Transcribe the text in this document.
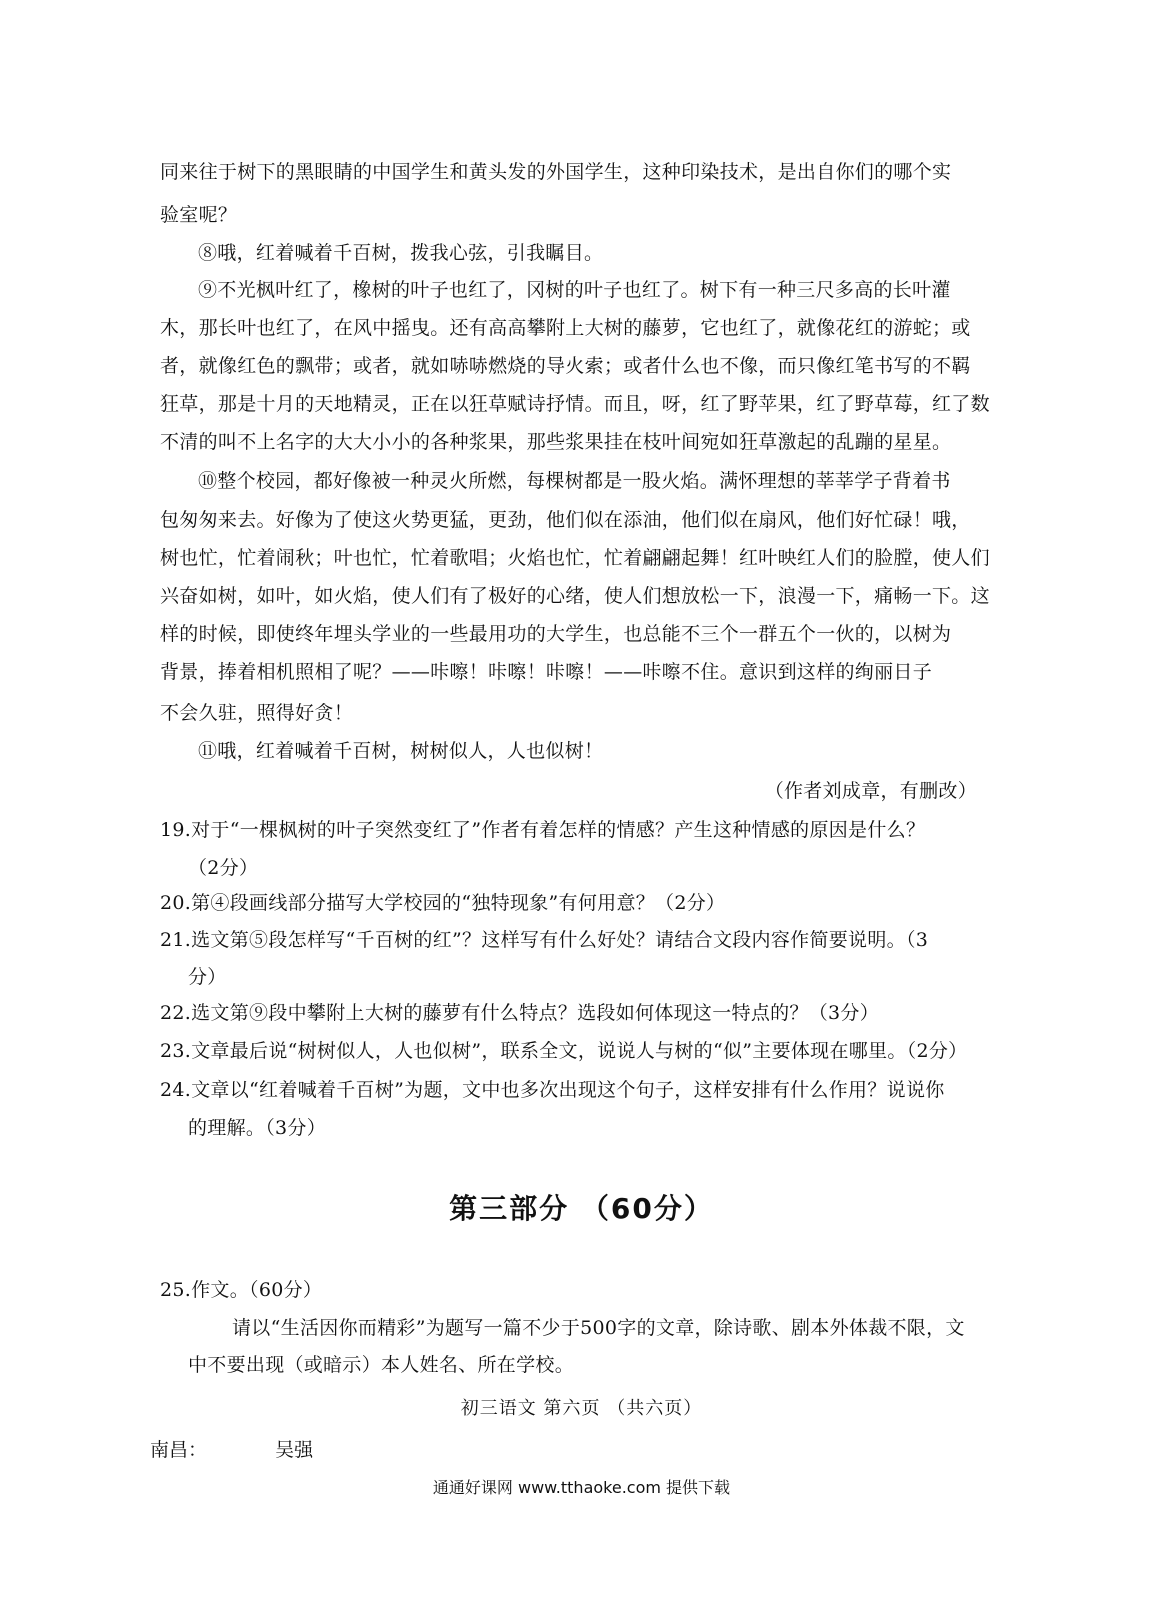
同来往于树下的黑眼睛的中国学生和黄头发的外国学生，这种印染技术，是出自你们的哪个实
验室呢？
⑧哦，红着喊着千百树，拨我心弦，引我瞩目。
⑨不光枫叶红了，橡树的叶子也红了，冈树的叶子也红了。树下有一种三尺多高的长叶灌
木，那长叶也红了，在风中摇曳。还有高高攀附上大树的藤萝，它也红了，就像花红的游蛇；或
者，就像红色的飘带；或者，就如哧哧燃烧的导火索；或者什么也不像，而只像红笔书写的不羁
狂草，那是十月的天地精灵，正在以狂草赋诗抒情。而且，呀，红了野苹果，红了野草莓，红了数
不清的叫不上名字的大大小小的各种浆果，那些浆果挂在枝叶间宛如狂草激起的乱蹦的星星。
⑩整个校园，都好像被一种灵火所燃，每棵树都是一股火焰。满怀理想的莘莘学子背着书
包匆匆来去。好像为了使这火势更猛，更劲，他们似在添油，他们似在扇风，他们好忙碌！哦，
树也忙，忙着闹秋；叶也忙，忙着歌唱；火焰也忙，忙着翩翩起舞！红叶映红人们的脸膛，使人们
兴奋如树，如叶，如火焰，使人们有了极好的心绪，使人们想放松一下，浪漫一下，痛畅一下。这
样的时候，即使终年埋头学业的一些最用功的大学生，也总能不三个一群五个一伙的，以树为
背景，捧着相机照相了呢？——咔嚓！咔嚓！咔嚓！——咔嚓不住。意识到这样的绚丽日子
不会久驻，照得好贪！
⑪哦，红着喊着千百树，树树似人，人也似树！
（作者刘成章，有删改）
19.对于“一棵枫树的叶子突然变红了”作者有着怎样的情感？产生这种情感的原因是什么？
（2分）
20.第④段画线部分描写大学校园的“独特现象”有何用意？（2分）
21.选文第⑤段怎样写“千百树的红”？这样写有什么好处？请结合文段内容作简要说明。（3
分）
22.选文第⑨段中攀附上大树的藤萝有什么特点？选段如何体现这一特点的？（3分）
23.文章最后说“树树似人，人也似树”，联系全文，说说人与树的“似”主要体现在哪里。（2分）
24.文章以“红着喊着千百树”为题，文中也多次出现这个句子，这样安排有什么作用？说说你
的理解。（3分）
第三部分 （60分）
25.作文。（60分）
请以“生活因你而精彩”为题写一篇不少于500字的文章，除诗歌、剧本外体裁不限，文
中不要出现（或暗示）本人姓名、所在学校。
初三语文 第六页 （共六页）
南昌：	吴强
通通好课网 www.tthaoke.com 提供下载
